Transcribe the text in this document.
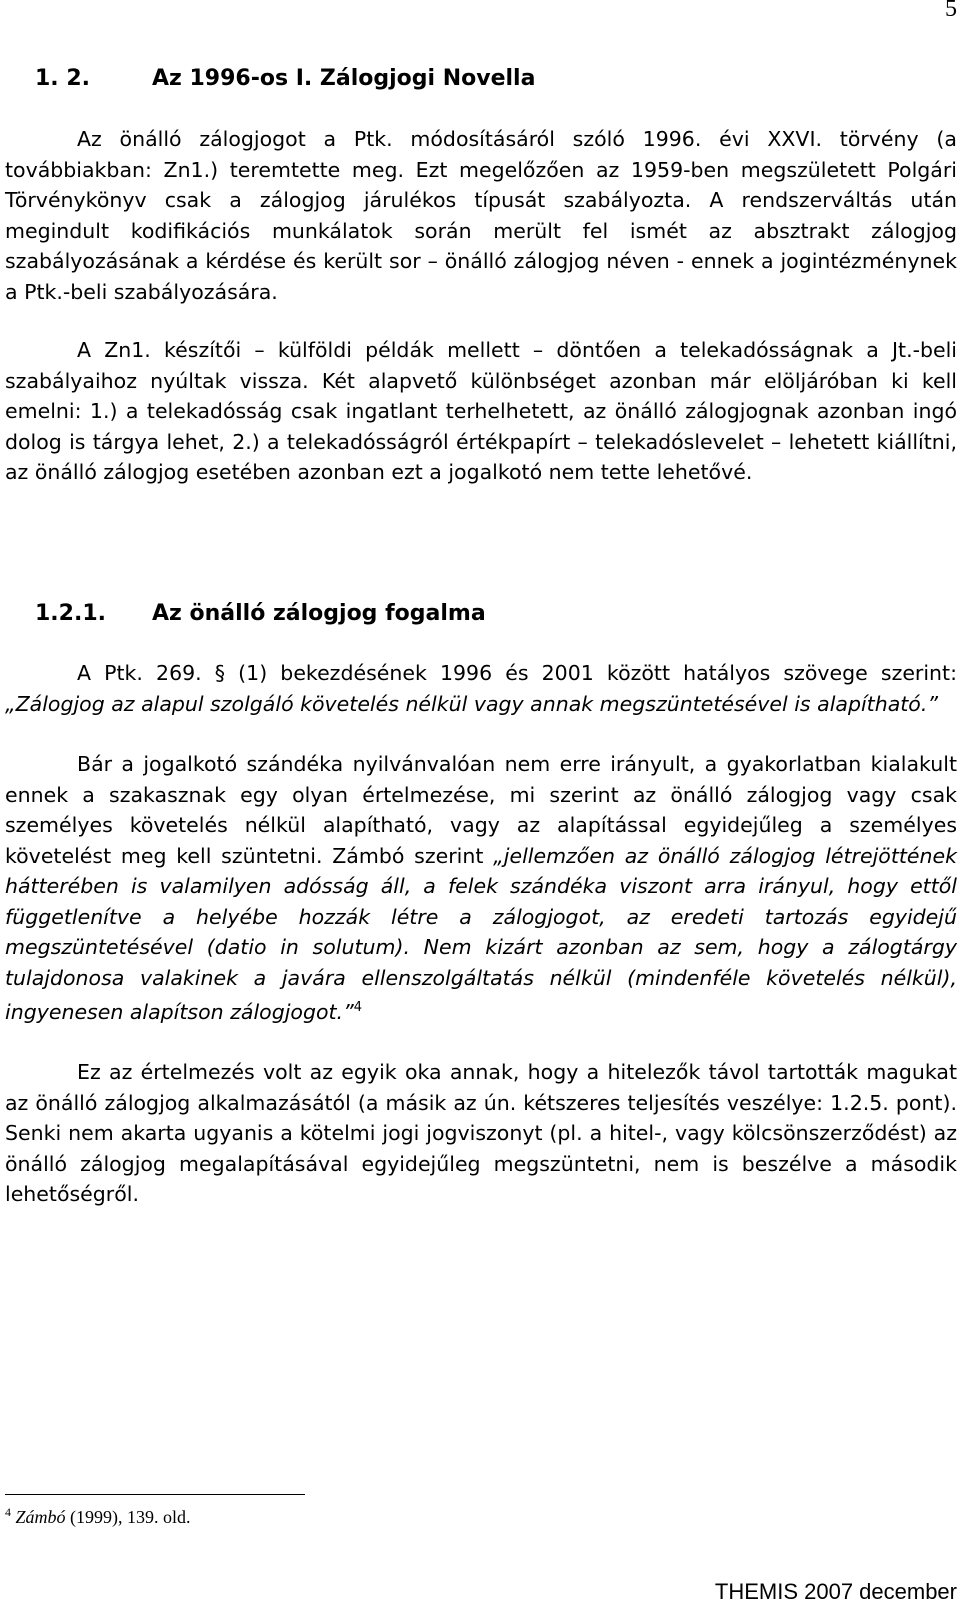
5
1. 2.	Az 1996-os I. Zálogjogi Novella

Az önálló zálogjogot a Ptk. módosításáról szóló 1996. évi XXVI. törvény (a továbbiakban: Zn1.) teremtette meg. Ezt megelőzően az 1959-ben megszületett Polgári Törvénykönyv csak a zálogjog járulékos típusát szabályozta. A rendszerváltás után megindult kodifikációs munkálatok során merült fel ismét az absztrakt zálogjog szabályozásának a kérdése és került sor – önálló zálogjog néven - ennek a jogintézménynek a Ptk.-beli szabályozására.

A Zn1. készítői – külföldi példák mellett – döntően a telekadósságnak a Jt.-beli szabályaihoz nyúltak vissza. Két alapvető különbséget azonban már elöljáróban ki kell emelni: 1.) a telekadósság csak ingatlant terhelhetett, az önálló zálogjognak azonban ingó dolog is tárgya lehet, 2.) a telekadósságról értékpapírt – telekadóslevelet – lehetett kiállítni, az önálló zálogjog esetében azonban ezt a jogalkotó nem tette lehetővé.

1.2.1. Az önálló zálogjog fogalma

A Ptk. 269. § (1) bekezdésének 1996 és 2001 között hatályos szövege szerint: „Zálogjog az alapul szolgáló követelés nélkül vagy annak megszüntetésével is alapítható.”

Bár a jogalkotó szándéka nyilvánvalóan nem erre irányult, a gyakorlatban kialakult ennek a szakasznak egy olyan értelmezése, mi szerint az önálló zálogjog vagy csak személyes követelés nélkül alapítható, vagy az alapítással egyidejűleg a személyes követelést meg kell szüntetni. Zámbó szerint „jellemzően az önálló zálogjog létrejöttének hátterében is valamilyen adósság áll, a felek szándéka viszont arra irányul, hogy ettől függetlenítve a helyébe hozzák létre a zálogjogot, az eredeti tartozás egyidejű megszüntetésével (datio in solutum). Nem kizárt azonban az sem, hogy a zálogtárgy tulajdonosa valakinek a javára ellenszolgáltatás nélkül (mindenféle követelés nélkül), ingyenesen alapítson zálogjogot.”$^4$

Ez az értelmezés volt az egyik oka annak, hogy a hitelezők távol tartották magukat az önálló zálogjog alkalmazásától (a másik az ún. kétszeres teljesítés veszélye: 1.2.5. pont). Senki nem akarta ugyanis a kötelmi jogi jogviszonyt (pl. a hitel-, vagy kölcsönszerződést) az önálló zálogjog megalapításával egyidejűleg megszüntetni, nem is beszélve a második lehetőségről.

$^4$ Zámbó (1999), 139. old.
THEMIS 2007 december
